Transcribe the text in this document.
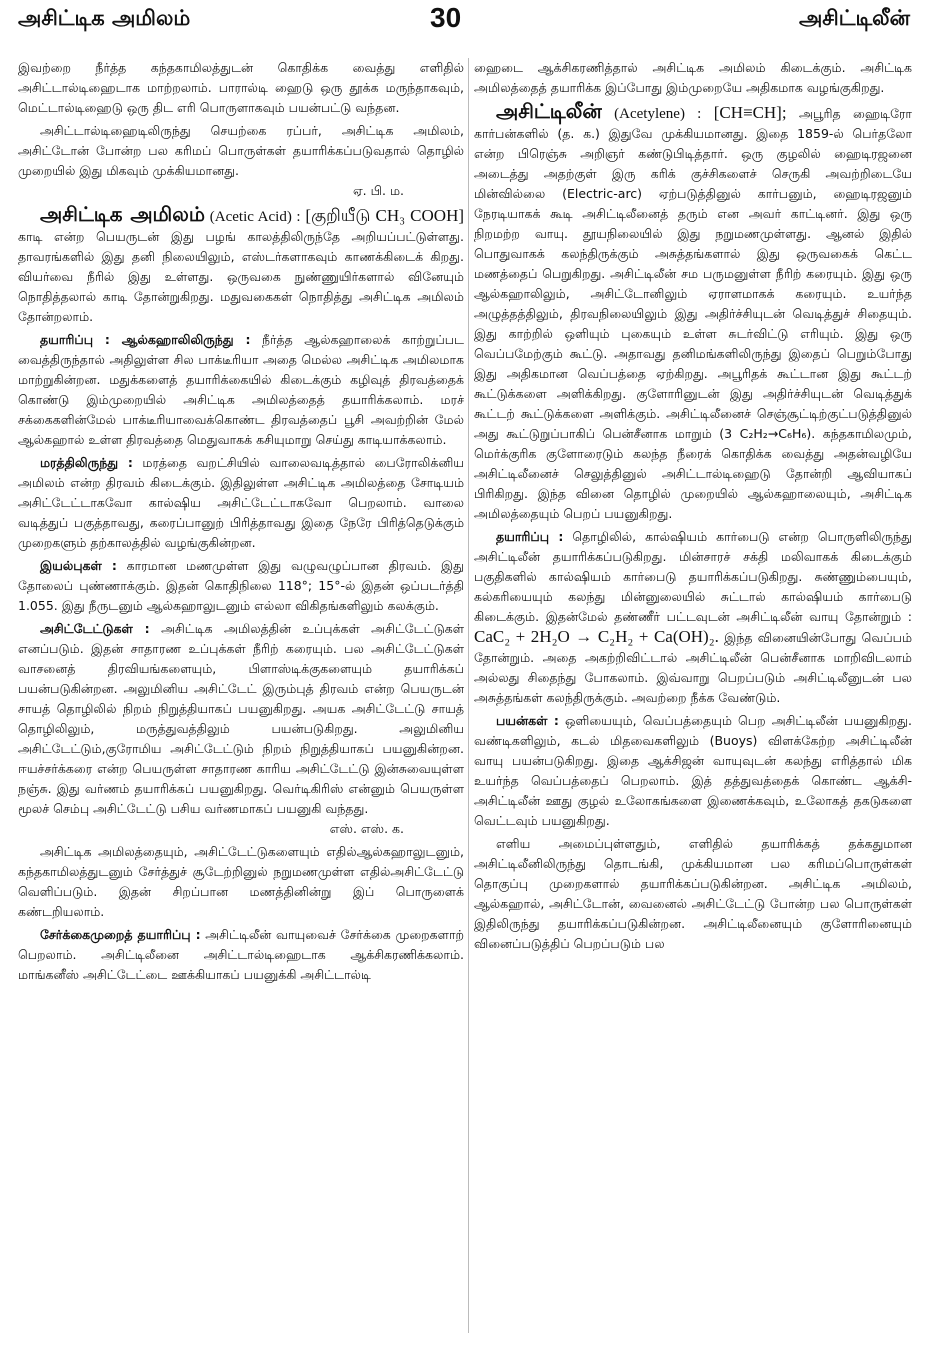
அசிட்டிக அமிலம்	30	அசிட்டிலீன்

இவற்றை நீர்த்த கந்தகாமிலத்துடன் கொதிக்க வைத்து எளிதில் அசிட்டால்டிஹைடாக மாற்றலாம். பாரால்டி ஹைடு ஒரு தூக்க மருந்தாகவும், மெட்டால்டிஹைடு ஒரு திட எரி பொருளாகவும் பயன்பட்டு வந்தன.

அசிட்டால்டிஹைடிலிருந்து செயற்கை ரப்பர், அசிட்டிக அமிலம், அசிட்டோன் போன்ற பல கரிமப் பொருள்கள் தயாரிக்கப்படுவதால் தொழில் முறையில் இது மிகவும் முக்கியமானது.
ஏ. பி. ம.

அசிட்டிக அமிலம் (Acetic Acid) : [குறியீடு CH₃ COOH] காடி என்ற பெயருடன் இது பழங் காலத்திலிருந்தே அறியப்பட்டுள்ளது. தாவரங்களில் இது தனி நிலையிலும், எஸ்டர்களாகவும் காணக்கிடைக் கிறது. வியர்வை நீரில் இது உள்ளது. ஒருவகை நுண்ணுயிர்களால் வினேயும் நொதித்தலால் காடி தோன்றுகிறது. மதுவகைகள் நொதித்து அசிட்டிக அமிலம் தோன்றலாம்.

தயாரிப்பு : ஆல்கஹாலிலிருந்து : நீர்த்த ஆல்கஹாலைக் காற்றுப்பட வைத்திருந்தால் அதிலுள்ள சில பாக்டீரியா அதை மெல்ல அசிட்டிக அமிலமாக மாற்றுகின்றன. மதுக்களைத் தயாரிக்கையில் கிடைக்கும் கழிவுத் திரவத்தைக் கொண்டு இம்முறையில் அசிட்டிக அமிலத்தைத் தயாரிக்கலாம். மரச் சக்கைகளின்மேல் பாக்டீரியாவைக்கொண்ட திரவத்தைப் பூசி அவற்றின் மேல் ஆல்கஹால் உள்ள திரவத்தை மெதுவாகக் கசியுமாறு செய்து காடியாக்கலாம்.

மரத்திலிருந்து : மரத்தை வறட்சியில் வாலைவடித்தால் பைரோலிக்னிய அமிலம் என்ற திரவம் கிடைக்கும். இதிலுள்ள அசிட்டிக அமிலத்தை சோடியம் அசிட்டேட்டாகவோ கால்ஷிய அசிட்டேட்டாகவோ பெறலாம். வாலை வடித்துப் பகுத்தாவது, கரைப்பானுற் பிரித்தாவது இதை நேரே பிரித்தெடுக்கும் முறைகளும் தற்காலத்தில் வழங்குகின்றன.

இயல்புகள் : காரமான மணமுள்ள இது வழுவழுப்பான திரவம். இது தோலைப் புண்ணாக்கும். இதன் கொதிநிலை 118°; 15°-ல் இதன் ஒப்படர்த்தி 1.055. இது நீருடனும் ஆல்கஹாலுடனும் எல்லா விகிதங்களிலும் கலக்கும்.

அசிட்டேட்டுகள் : அசிட்டிக அமிலத்தின் உப்புக்கள் அசிட்டேட்டுகள் எனப்படும். இதன் சாதாரண உப்புக்கள் நீரிற் கரையும். பல அசிட்டேட்டுகள் வாசனைத் திரவியங்களையும், பிளாஸ்டிக்குகளையும் தயாரிக்கப் பயன்படுகின்றன. அலுமினிய அசிட்டேட் இரும்புத் திரவம் என்ற பெயருடன் சாயத் தொழிலில் நிறம் நிறுத்தியாகப் பயனுகிறது. அயக அசிட்டேட்டு சாயத் தொழிலிலும், மருத்துவத்திலும் பயன்படுகிறது. அலுமினிய அசிட்டேட்டும்,குரோமிய அசிட்டேட்டும் நிறம் நிறுத்தியாகப் பயனுகின்றன. ஈயச்சர்க்கரை என்ற பெயருள்ள சாதாரண காரிய அசிட்டேட்டு இன்சுவையுள்ள நஞ்சு. இது வர்ணம் தயாரிக்கப் பயனுகிறது. வெர்டிகிரிஸ் என்னும் பெயருள்ள மூலச் செம்பு அசிட்டேட்டு பசிய வர்ணமாகப் பயனுகி வந்தது.
எஸ். எஸ். க.

அசிட்டிக அமிலத்தையும், அசிட்டேட்டுகளையும் எதில்ஆல்கஹாலுடனும், கந்தகாமிலத்துடனும் சேர்த்துச் சூடேற்றினுல் நறுமணமுள்ள எதில்அசிட்டேட்டு வெளிப்படும். இதன் சிறப்பான மணத்தினின்று இப் பொருளைக் கண்டறியலாம்.

சேர்க்கைமுறைத் தயாரிப்பு : அசிட்டிலீன் வாயுவைச் சேர்க்கை முறைகளாற் பெறலாம். அசிட்டிலீனை அசிட்டால்டிஹைடாக ஆக்சிகரணிக்கலாம். மாங்கனீஸ் அசிட்டேட்டை ஊக்கியாகப் பயனுக்கி அசிட்டால்டி

ஹைடை ஆக்சிகரணித்தால் அசிட்டிக அமிலம் கிடைக்கும். அசிட்டிக அமிலத்தைத் தயாரிக்க இப்போது இம்முறையே அதிகமாக வழங்குகிறது.

அசிட்டிலீன் (Acetylene) : [CH≡CH]; அபூரித ஹைடிரோ கார்பன்களில் (த. க.) இதுவே முக்கியமானது. இதை 1859-ல் பெர்தலோ என்ற பிரெஞ்சு அறிஞர் கண்டுபிடித்தார். ஒரு குழலில் ஹைடிரஜனை அடைத்து அதற்குள் இரு கரிக் குச்சிகளைச் செருகி அவற்றிடையே மின்வில்லை (Electric-arc) ஏற்படுத்தினுல் கார்பனும், ஹைடிரஜனும் நேரடியாகக் கூடி அசிட்டிலீனைத் தரும் என அவர் காட்டினர். இது ஒரு நிறமற்ற வாயு. தூயநிலையில் இது நறுமணமுள்ளது. ஆனல் இதில் பொதுவாகக் கலந்திருக்கும் அசுத்தங்களால் இது ஒருவகைக் கெட்ட மணத்தைப் பெறுகிறது. அசிட்டிலீன் சம பருமனுள்ள நீரிற் கரையும். இது ஒரு ஆல்கஹாலிலும், அசிட்டோனிலும் ஏராளமாகக் கரையும். உயர்ந்த அழுத்தத்திலும், திரவநிலையிலும் இது அதிர்ச்சியுடன் வெடித்துச் சிதையும். இது காற்றில் ஒளியும் புகையும் உள்ள சுடர்விட்டு எரியும். இது ஒரு வெப்பமேற்கும் கூட்டு. அதாவது தனிமங்களிலிருந்து இதைப் பெறும்போது இது அதிகமான வெப்பத்தை ஏற்கிறது. அபூரிதக் கூட்டான இது கூட்டற் கூட்டுக்களை அளிக்கிறது. குளோரினுடன் இது அதிர்ச்சியுடன் வெடித்துக் கூட்டற் கூட்டுக்களை அளிக்கும். அசிட்டிலீனைச் செஞ்சூட்டிற்குட்படுத்தினுல் அது கூட்டுறுப்பாகிப் பென்சீனாக மாறும் (3 C₂H₂→C₆H₆). கந்தகாமிலமும், மெர்க்குரிக குளோரைடும் கலந்த நீரைக் கொதிக்க வைத்து அதன்வழியே அசிட்டிலீனைச் செலுத்தினுல் அசிட்டால்டிஹைடு தோன்றி ஆவியாகப் பிரிகிறது. இந்த வினை தொழில் முறையில் ஆல்கஹாலையும், அசிட்டிக அமிலத்தையும் பெறப் பயனுகிறது.

தயாரிப்பு : தொழிலில், கால்ஷியம் கார்பைடு என்ற பொருளிலிருந்து அசிட்டிலீன் தயாரிக்கப்படுகிறது. மின்சாரச் சக்தி மலிவாகக் கிடைக்கும் பகுதிகளில் கால்ஷியம் கார்பைடு தயாரிக்கப்படுகிறது. சுண்ணும்பையும், கல்கரியையும் கலந்து மின்னுலையில் சுட்டால் கால்ஷியம் கார்பைடு கிடைக்கும். இதன்மேல் தண்ணீர் பட்டவுடன் அசிட்டிலீன் வாயு தோன்றும் : CaC₂ + 2H₂O → C₂H₂ + Ca(OH)₂. இந்த வினையின்போது வெப்பம் தோன்றும். அதை அகற்றிவிட்டால் அசிட்டிலீன் பென்சீனாக மாறிவிடலாம் அல்லது சிதைந்து போகலாம். இவ்வாறு பெறப்படும் அசிட்டிலீனுடன் பல அசுத்தங்கள் கலந்திருக்கும். அவற்றை நீக்க வேண்டும்.

பயன்கள் : ஒளியையும், வெப்பத்தையும் பெற அசிட்டிலீன் பயனுகிறது. வண்டிகளிலும், கடல் மிதவைகளிலும் (Buoys) விளக்கேற்ற அசிட்டிலீன் வாயு பயன்படுகிறது. இதை ஆக்சிஜன் வாயுவுடன் கலந்து எரித்தால் மிக உயர்ந்த வெப்பத்தைப் பெறலாம். இத் தத்துவத்தைக் கொண்ட ஆக்சி-அசிட்டிலீன் ஊது குழல் உலோகங்களை இணைக்கவும், உலோகத் தகடுகளை வெட்டவும் பயனுகிறது.

எளிய அமைப்புள்ளதும், எளிதில் தயாரிக்கத் தக்கதுமான அசிட்டிலீனிலிருந்து தொடங்கி, முக்கியமான பல கரிமப்பொருள்கள் தொகுப்பு முறைகளால் தயாரிக்கப்படுகின்றன. அசிட்டிக அமிலம், ஆல்கஹால், அசிட்டோன், வைனைல் அசிட்டேட்டு போன்ற பல பொருள்கள் இதிலிருந்து தயாரிக்கப்படுகின்றன. அசிட்டிலீனையும் குளோரினையும் வினைப்படுத்திப் பெறப்படும் பல
